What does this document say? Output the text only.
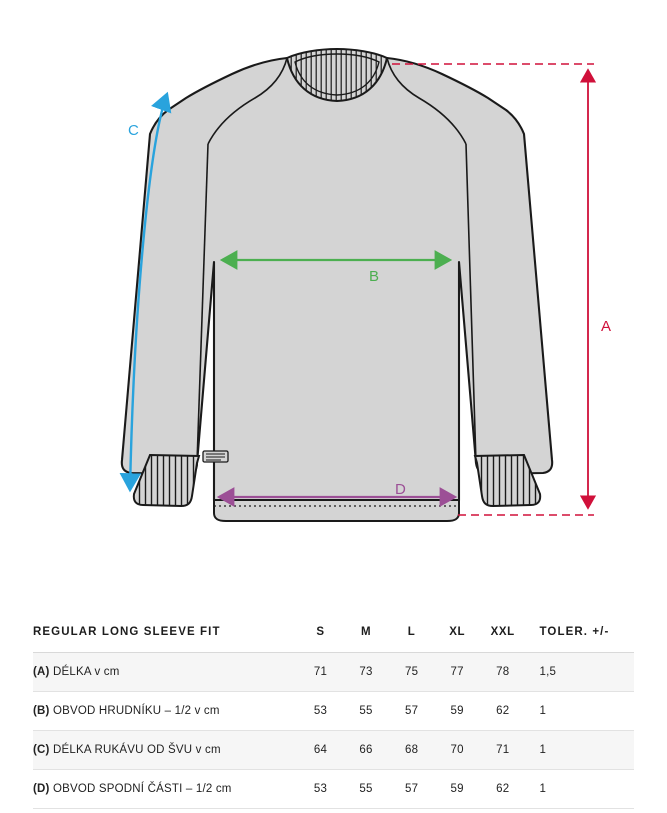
A
B
C
D
REGULAR LONG SLEEVE FIT	S	M	L	XL	XXL	TOLER. +/-
(A) DÉLKA v cm	71	73	75	77	78	1,5
(B) OBVOD HRUDNÍKU – 1/2 v cm	53	55	57	59	62	1
(C) DÉLKA RUKÁVU OD ŠVU v cm	64	66	68	70	71	1
(D) OBVOD SPODNÍ ČÁSTI – 1/2 cm	53	55	57	59	62	1
